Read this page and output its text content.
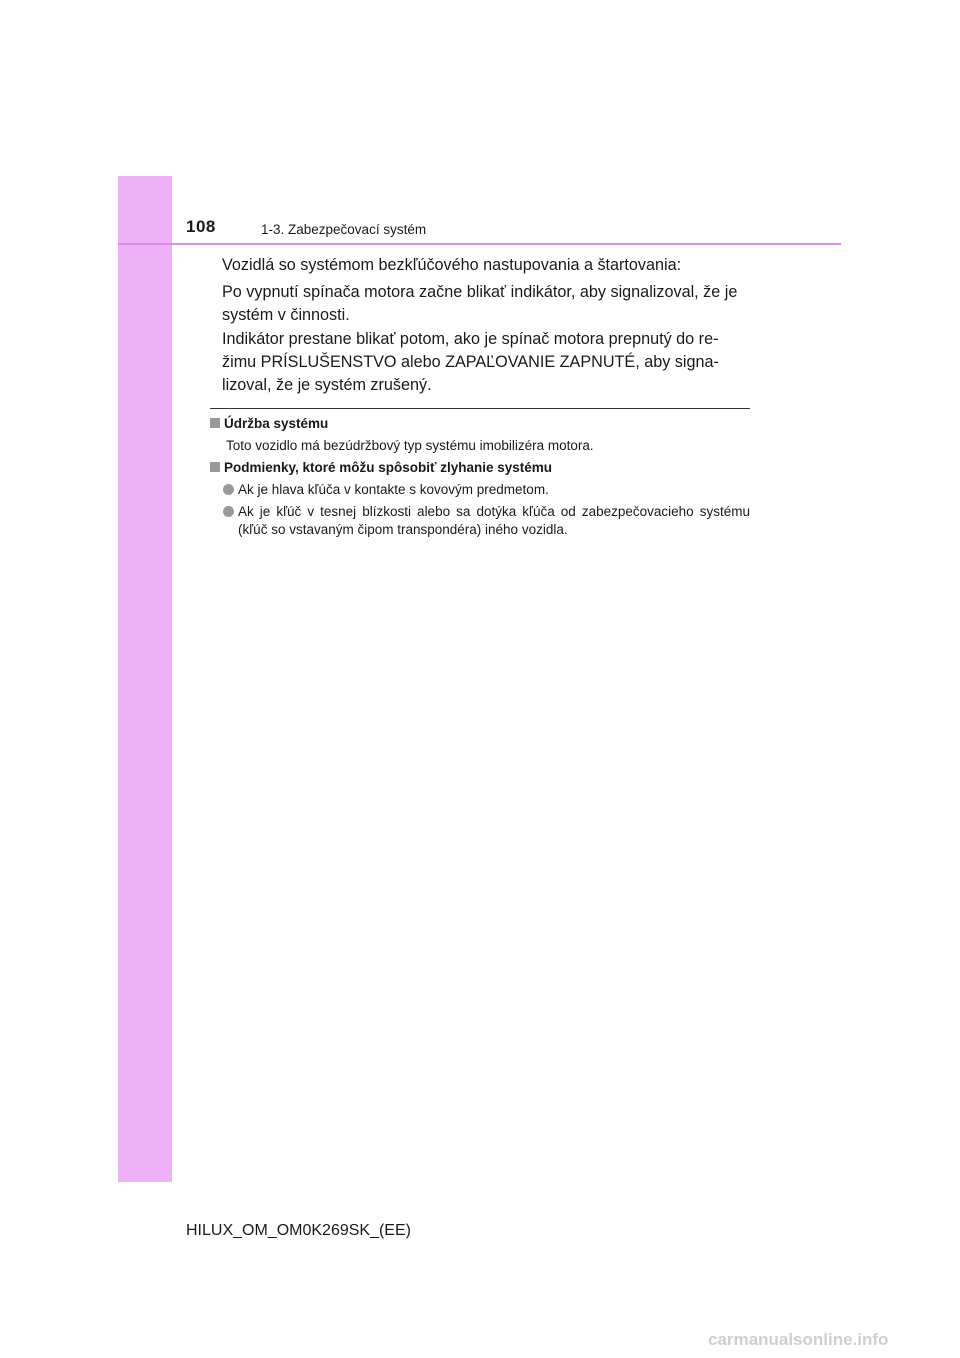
108	1-3. Zabezpečovací systém
Vozidlá so systémom bezkľúčového nastupovania a štartovania:
Po vypnutí spínača motora začne blikať indikátor, aby signalizoval, že je systém v činnosti.
Indikátor prestane blikať potom, ako je spínač motora prepnutý do re-žimu PRÍSLUŠENSTVO alebo ZAPAĽOVANIE ZAPNUTÉ, aby signa-lizoval, že je systém zrušený.
Údržba systému
Toto vozidlo má bezúdržbový typ systému imobilizéra motora.
Podmienky, ktoré môžu spôsobiť zlyhanie systému
Ak je hlava kľúča v kontakte s kovovým predmetom.
Ak je kľúč v tesnej blízkosti alebo sa dotýka kľúča od zabezpečovacieho systému (kľúč so vstavaným čipom transpondéra) iného vozidla.
HILUX_OM_OM0K269SK_(EE)
carmanualsonline.info
